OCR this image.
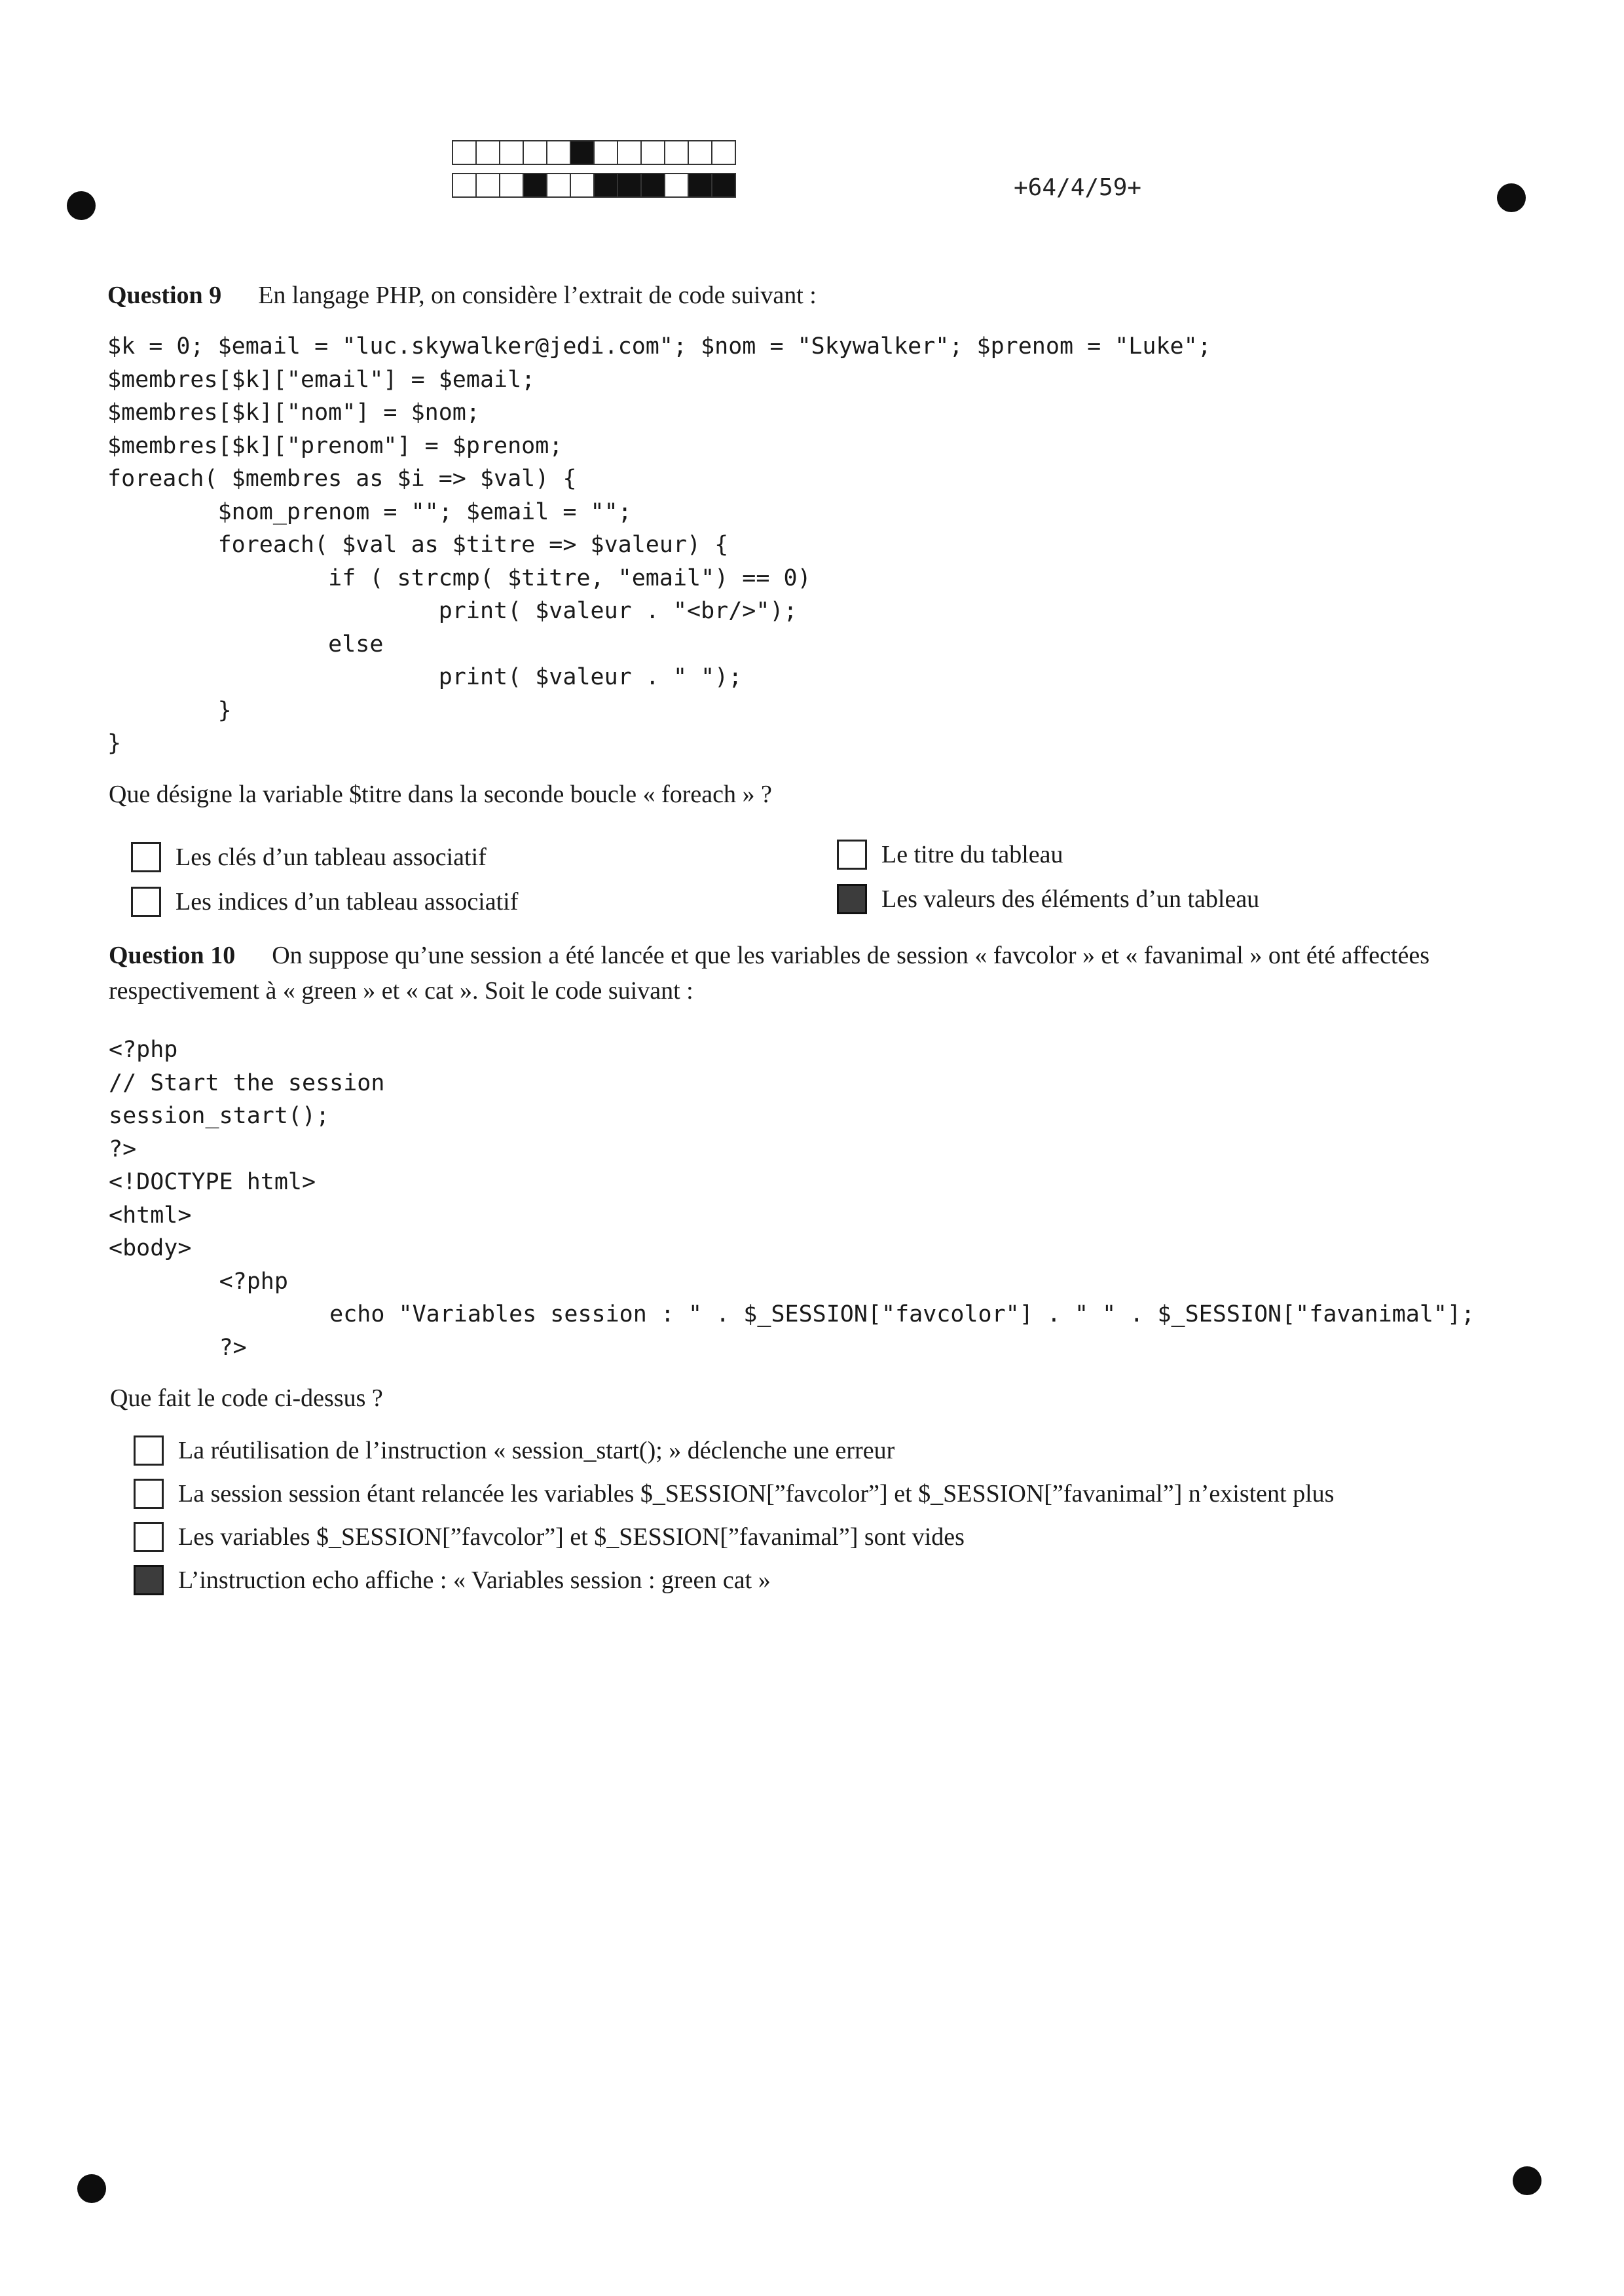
+64/4/59+
Question 9 En langage PHP, on considère l’extrait de code suivant :
$k = 0; $email = "luc.skywalker@jedi.com"; $nom = "Skywalker"; $prenom = "Luke";
$membres[$k]["email"] = $email;
$membres[$k]["nom"] = $nom;
$membres[$k]["prenom"] = $prenom;
foreach( $membres as $i => $val) {
$nom_prenom = ""; $email = "";
foreach( $val as $titre => $valeur) {
if ( strcmp( $titre, "email") == 0)
print( $valeur . "<br/>");
else
print( $valeur . " ");
}
}
Que désigne la variable $titre dans la seconde boucle « foreach » ?
Les clés d’un tableau associatif
Les indices d’un tableau associatif
Le titre du tableau
Les valeurs des éléments d’un tableau
Question 10 On suppose qu’une session a été lancée et que les variables de session « favcolor » et « favanimal » ont été affectées respectivement à « green » et « cat ». Soit le code suivant :
<?php
// Start the session
session_start();
?>
<!DOCTYPE html>
<html>
<body>
<?php
echo "Variables session : " . $_SESSION["favcolor"] . " " . $_SESSION["favanimal"];
?>
Que fait le code ci-dessus ?
La réutilisation de l’instruction « session_start(); » déclenche une erreur
La session session étant relancée les variables $_SESSION[”favcolor”] et $_SESSION[”favanimal”] n’existent plus
Les variables $_SESSION[”favcolor”] et $_SESSION[”favanimal”] sont vides
L’instruction echo affiche : « Variables session : green cat »
